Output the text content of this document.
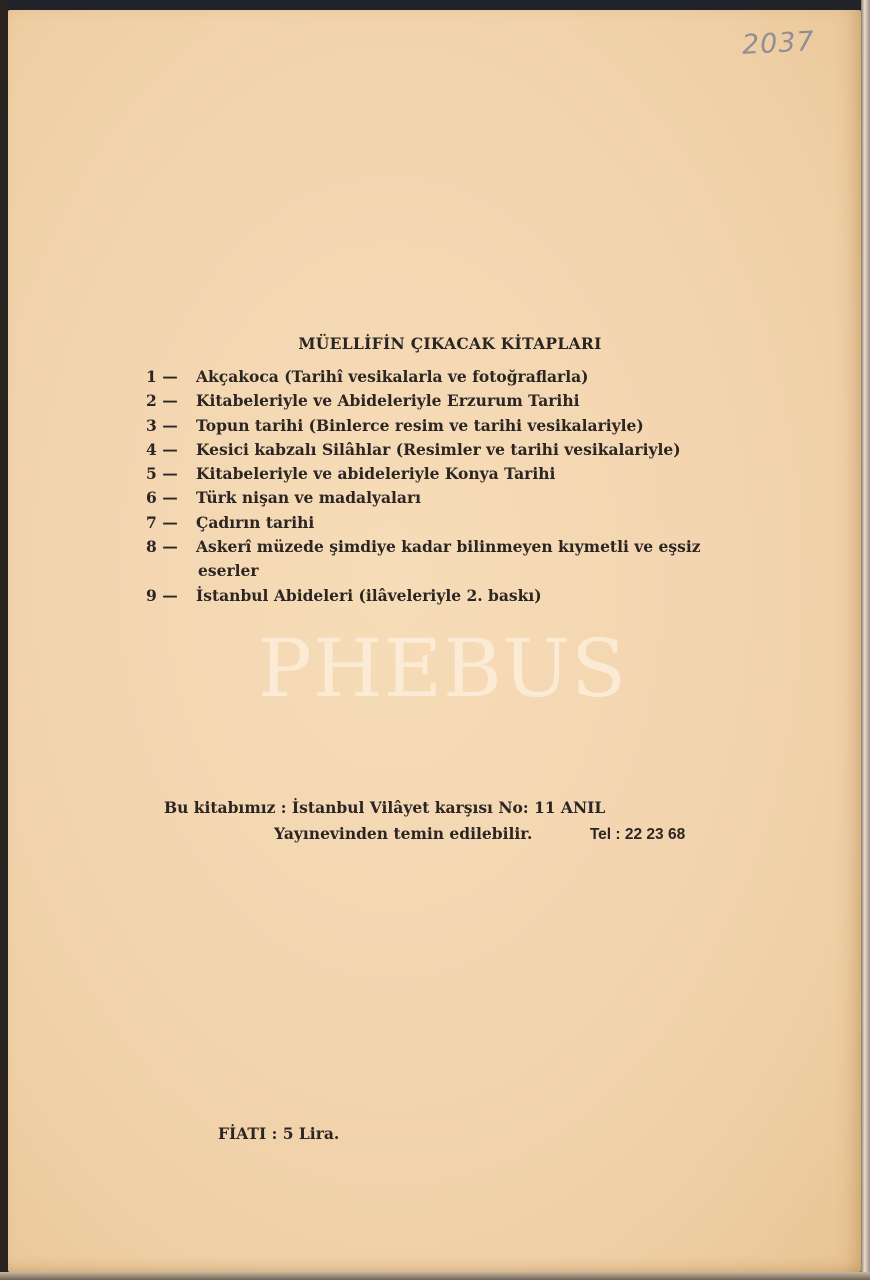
2037
MÜELLİFİN ÇIKACAK KİTAPLARI
1 —	Akçakoca (Tarihî vesikalarla ve fotoğraflarla)
2 —	Kitabeleriyle ve Abideleriyle Erzurum Tarihi
3 —	Topun tarihi (Binlerce resim ve tarihi vesikalariyle)
4 —	Kesici kabzalı Silâhlar (Resimler ve tarihi vesikalariyle)
5 —	Kitabeleriyle ve abideleriyle Konya Tarihi
6 —	Türk nişan ve madalyaları
7 —	Çadırın tarihi
8 —	Askerî müzede şimdiye kadar bilinmeyen kıymetli ve eşsiz
eserler
9 —	İstanbul Abideleri (ilâveleriyle 2. baskı)
PHEBUS
Bu kitabımız : İstanbul Vilâyet karşısı No: 11 ANIL
Yayınevinden temin edilebilir.	Tel : 22 23 68
FİATI : 5 Lira.
